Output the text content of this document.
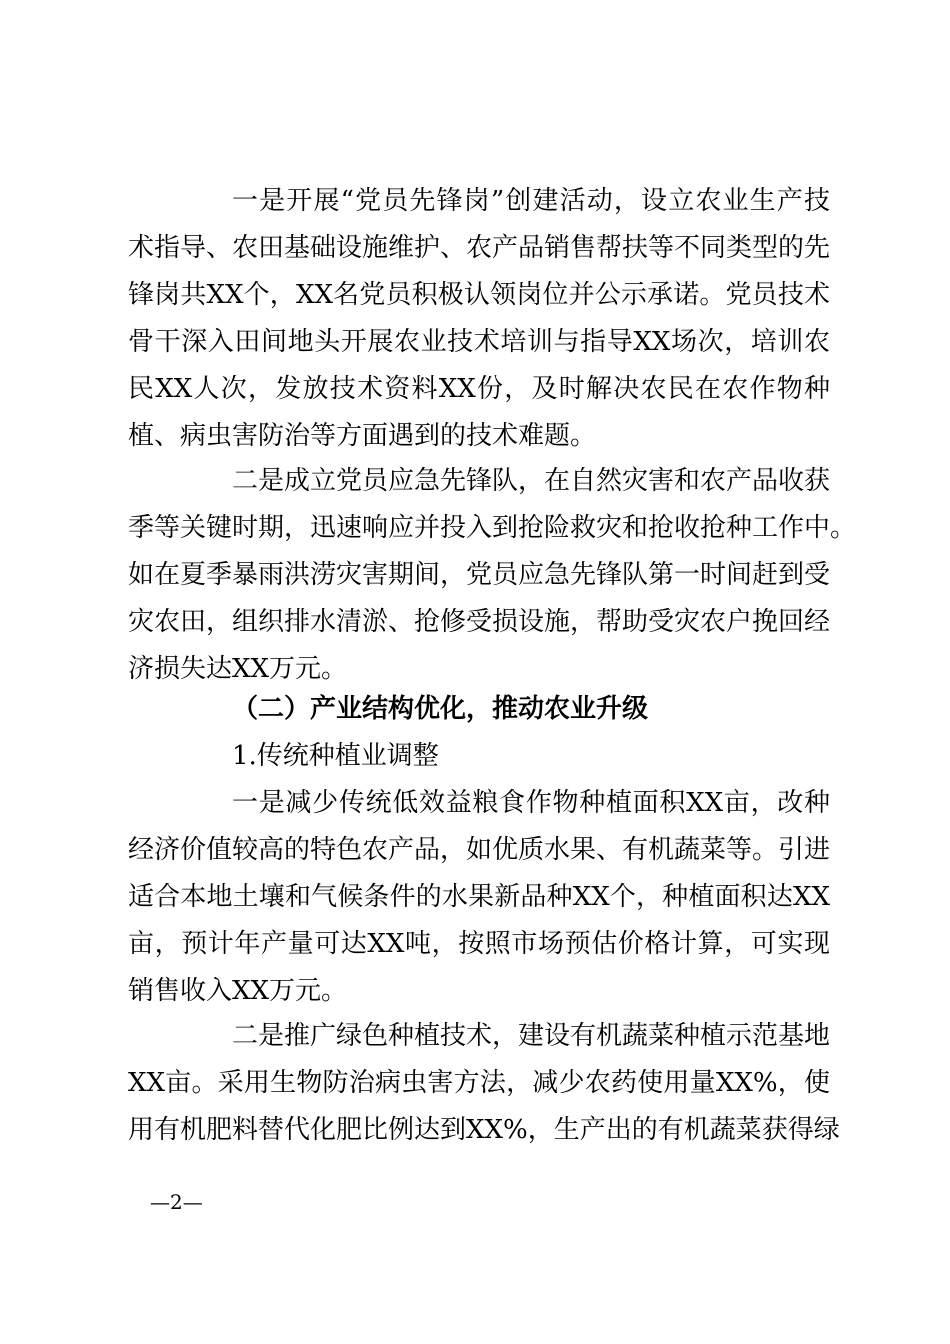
一是开展“党员先锋岗”创建活动，设立农业生产技
术指导、农田基础设施维护、农产品销售帮扶等不同类型的先
锋岗共XX个，XX名党员积极认领岗位并公示承诺。党员技术
骨干深入田间地头开展农业技术培训与指导XX场次，培训农
民XX人次，发放技术资料XX份，及时解决农民在农作物种
植、病虫害防治等方面遇到的技术难题。
二是成立党员应急先锋队，在自然灾害和农产品收获
季等关键时期，迅速响应并投入到抢险救灾和抢收抢种工作中。
如在夏季暴雨洪涝灾害期间，党员应急先锋队第一时间赶到受
灾农田，组织排水清淤、抢修受损设施，帮助受灾农户挽回经
济损失达XX万元。
（二）产业结构优化，推动农业升级
1.传统种植业调整
一是减少传统低效益粮食作物种植面积XX亩，改种
经济价值较高的特色农产品，如优质水果、有机蔬菜等。引进
适合本地土壤和气候条件的水果新品种XX个，种植面积达XX
亩，预计年产量可达XX吨，按照市场预估价格计算，可实现
销售收入XX万元。
二是推广绿色种植技术，建设有机蔬菜种植示范基地
XX亩。采用生物防治病虫害方法，减少农药使用量XX%，使
用有机肥料替代化肥比例达到XX%，生产出的有机蔬菜获得绿
—2—
